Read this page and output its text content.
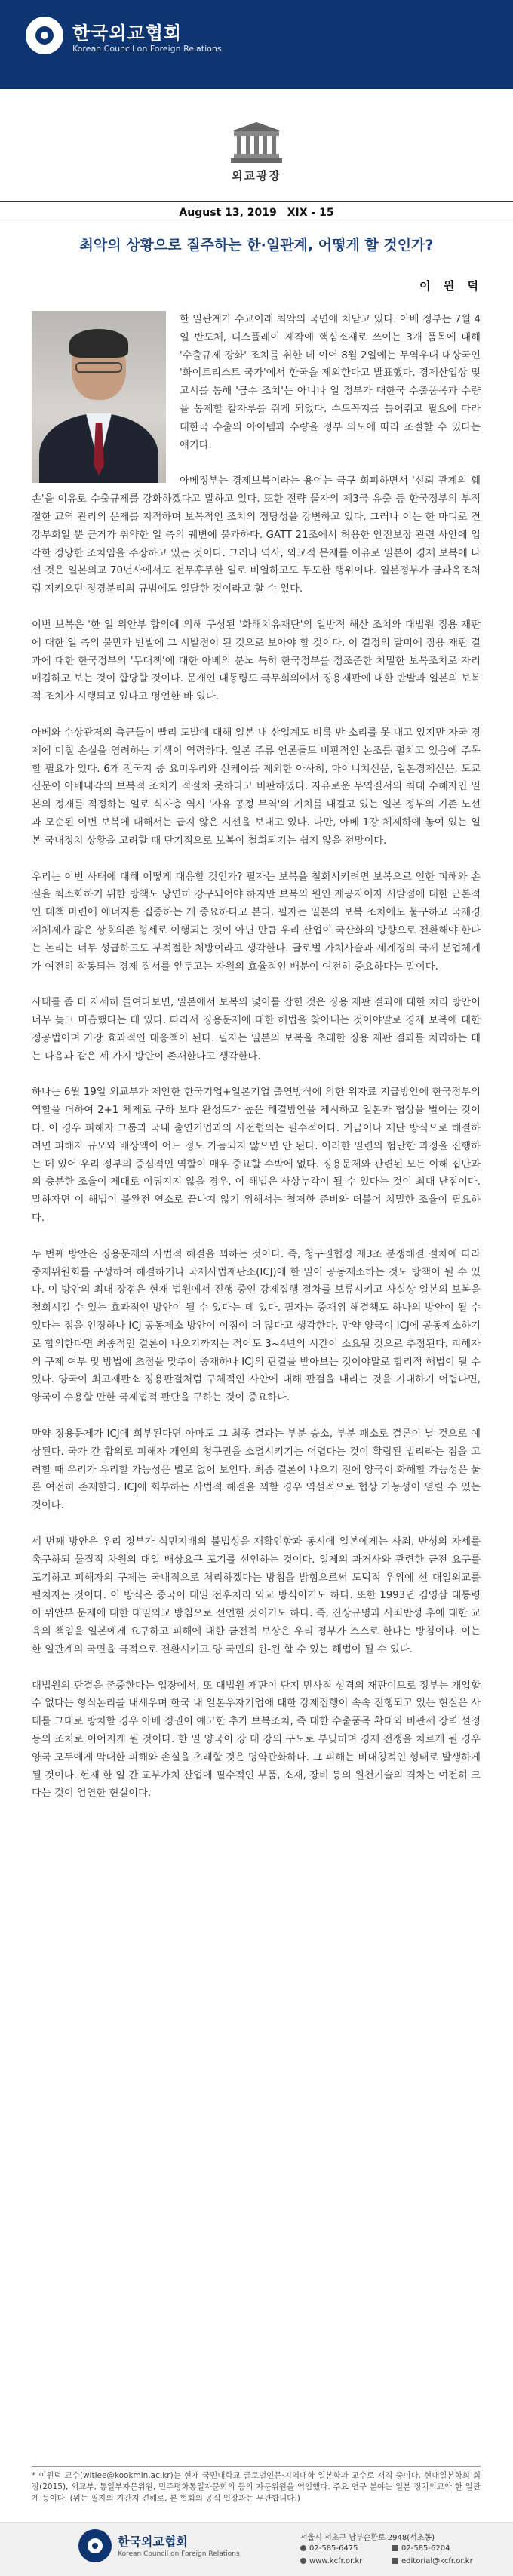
한국외교협회
Korean Council on Foreign Relations
외교광장
August 13, 2019 XIX - 15
최악의 상황으로 질주하는 한·일관계, 어떻게 할 것인가?
이 원 덕

한 일관계가 수교이래 최악의 국면에 치닫고 있다. 아베 정부는 7월 4일 반도체, 디스플레이 제작에 핵심소재로 쓰이는 3개 품목에 대해 '수출규제 강화' 조치를 취한 데 이어 8월 2일에는 무역우대 대상국인 '화이트리스트 국가'에서 한국을 제외한다고 발표했다. 경제산업상 및 고시를 통해 '금수 조치'는 아니나 일 정부가 대한국 수출품목과 수량을 통제할 칼자루를 쥐게 되었다. 수도꼭지를 틀어쥐고 필요에 따라 대한국 수출의 아이템과 수량을 정부 의도에 따라 조절할 수 있다는 얘기다.

아베정부는 경제보복이라는 용어는 극구 회피하면서 '신뢰 관계의 훼손'을 이유로 수출규제를 강화하겠다고 말하고 있다. 또한 전략 물자의 제3국 유출 등 한국정부의 부적절한 교역 관리의 문제를 지적하며 보복적인 조치의 정당성을 강변하고 있다. 그러나 이는 한 마디로 견강부회일 뿐 근거가 취약한 일 측의 궤변에 불과하다. GATT 21조에서 허용한 안전보장 관련 사안에 입각한 정당한 조치임을 주장하고 있는 것이다. 그러나 역사, 외교적 문제를 이유로 일본이 경제 보복에 나선 것은 일본외교 70년사에서도 전무후무한 일로 비열하고도 무도한 행위이다. 일본정부가 금과옥조처럼 지켜오던 정경분리의 규범에도 일탈한 것이라고 할 수 있다.

이번 보복은 '한 일 위안부 합의에 의해 구성된 '화해치유재단'의 일방적 해산 조치와 대법원 징용 재판에 대한 일 측의 불만과 반발에 그 시발점이 된 것으로 보아야 할 것이다. 이 결정의 말미에 징용 재판 결과에 대한 한국정부의 '무대책'에 대한 아베의 분노 특히 한국정부를 정조준한 치밀한 보복조치로 자리매김하고 보는 것이 합당할 것이다. 문재인 대통령도 국무회의에서 징용재판에 대한 반발과 일본의 보복적 조치가 시행되고 있다고 명언한 바 있다.

아베와 수상관저의 측근들이 빨리 도발에 대해 일본 내 산업계도 비록 반 소리를 못 내고 있지만 자국 경제에 미칠 손실을 염려하는 기색이 역력하다. 일본 주류 언론들도 비판적인 논조를 펼치고 있음에 주목할 필요가 있다. 6개 전국지 중 요미우리와 산케이를 제외한 아사히, 마이니치신문, 일본경제신문, 도쿄신문이 아베내각의 보복적 조치가 적절치 못하다고 비판하였다. 자유로운 무역질서의 최대 수혜자인 일본의 정재를 적정하는 일로 식자층 역시 '자유 공정 무역'의 기치를 내걸고 있는 일본 정부의 기존 노선과 모순된 이번 보복에 대해서는 급지 않은 시선을 보내고 있다. 다만, 아베 1강 체제하에 놓여 있는 일본 국내정치 상황을 고려할 때 단기적으로 보복이 철회되기는 쉽지 않을 전망이다.

우리는 이번 사태에 대해 어떻게 대응할 것인가? 필자는 보복을 철회시키려면 보복으로 인한 피해와 손실을 최소화하기 위한 방책도 당연히 강구되어야 하지만 보복의 원인 제공자이자 시발점에 대한 근본적인 대책 마련에 에너지를 집중하는 게 중요하다고 본다. 필자는 일본의 보복 조치에도 불구하고 국제경제체제가 많은 상호의존 형세로 이행되는 것이 아닌 만큼 우리 산업이 국산화의 방향으로 전환해야 한다는 논리는 너무 성급하고도 부적절한 처방이라고 생각한다. 글로벌 가치사슬과 세계경의 국제 분업체계가 여전히 작동되는 경제 질서를 앞두고는 자원의 효율적인 배분이 여전히 중요하다는 말이다.

사태를 좀 더 자세히 들여다보면, 일본에서 보복의 덫이를 잡힌 것은 징용 재판 결과에 대한 처리 방안이 너무 늦고 미흡했다는 데 있다. 따라서 징용문제에 대한 해법을 찾아내는 것이야말로 경제 보복에 대한 정공법이며 가장 효과적인 대응책이 된다. 필자는 일본의 보복을 초래한 징용 재판 결과를 처리하는 데는 다음과 같은 세 가지 방안이 존재한다고 생각한다.

하나는 6월 19일 외교부가 제안한 한국기업+일본기업 출연방식에 의한 위자료 지급방안에 한국정부의 역할을 더하여 2+1 체제로 구하 보다 완성도가 높은 해결방안을 제시하고 일본과 협상을 벌이는 것이다. 이 경우 피해자 그룹과 국내 출연기업과의 사전협의는 필수적이다. 기금이나 재단 방식으로 해결하려면 피해자 규모와 배상액이 어느 정도 가늠되지 않으면 안 된다. 이러한 일련의 험난한 과정을 진행하는 데 있어 우리 정부의 중심적인 역할이 매우 중요할 수밖에 없다. 징용문제와 관련된 모든 이해 집단과의 충분한 조율이 제대로 이뤄지지 않을 경우, 이 해법은 사상누각이 될 수 있다는 것이 최대 난점이다. 말하자면 이 해법이 불완전 연소로 끝나지 않기 위해서는 철저한 준비와 더불어 치밀한 조율이 필요하다.

두 번째 방안은 징용문제의 사법적 해결을 꾀하는 것이다. 즉, 청구권협정 제3조 분쟁해결 절차에 따라 중재위원회를 구성하여 해결하거나 국제사법재판소(ICJ)에 한 일이 공동제소하는 것도 방책이 될 수 있다. 이 방안의 최대 장점은 현재 법원에서 진행 중인 강제집행 절차를 보류시키고 사실상 일본의 보복을 철회시킬 수 있는 효과적인 방안이 될 수 있다는 데 있다. 필자는 중재위 해결책도 하나의 방안이 될 수 있다는 점을 인정하나 ICJ 공동제소 방안이 이점이 더 많다고 생각한다. 만약 양국이 ICJ에 공동제소하기로 합의한다면 최종적인 결론이 나오기까지는 적어도 3~4년의 시간이 소요될 것으로 추정된다. 피해자의 구제 여부 및 방법에 초점을 맞추어 중재하나 ICJ의 판결을 받아보는 것이야말로 합리적 해법이 될 수 있다. 양국이 최고재판소 징용판결처럼 구체적인 사안에 대해 판결을 내리는 것을 기대하기 어렵다면, 양국이 수용할 만한 국제법적 판단을 구하는 것이 중요하다.

만약 징용문제가 ICJ에 회부된다면 아마도 그 최종 결과는 부분 승소, 부분 패소로 결론이 날 것으로 예상된다. 국가 간 합의로 피해자 개인의 청구권을 소멸시키기는 어렵다는 것이 확립된 법리라는 점을 고려할 때 우리가 유리할 가능성은 별로 없어 보인다. 최종 결론이 나오기 전에 양국이 화해할 가능성은 물론 여전히 존재한다. ICJ에 회부하는 사법적 해결을 꾀할 경우 역설적으로 협상 가능성이 열릴 수 있는 것이다.

세 번째 방안은 우리 정부가 식민지배의 불법성을 재확인함과 동시에 일본에게는 사죄, 반성의 자세를 촉구하되 물질적 차원의 대일 배상요구 포기를 선언하는 것이다. 일제의 과거사와 관련한 금전 요구를 포기하고 피해자의 구제는 국내적으로 처리하겠다는 방침을 밝힘으로써 도덕적 우위에 선 대일외교를 펼치자는 것이다. 이 방식은 중국이 대일 전후처리 외교 방식이기도 하다. 또한 1993년 김영삼 대통령이 위안부 문제에 대한 대일외교 방침으로 선언한 것이기도 하다. 즉, 진상규명과 사죄반성 후에 대한 교육의 책임을 일본에게 요구하고 피해에 대한 금전적 보상은 우리 정부가 스스로 한다는 방침이다. 이는 한 일관계의 국면을 극적으로 전환시키고 양 국민의 윈-윈 할 수 있는 해법이 될 수 있다.

대법원의 판결을 존중한다는 입장에서, 또 대법원 재판이 단지 민사적 성격의 재판이므로 정부는 개입할 수 없다는 형식논리를 내세우며 한국 내 일본우자기업에 대한 강제집행이 속속 진행되고 있는 현실은 사태를 그대로 방치할 경우 아베 정권이 예고한 추가 보복조치, 즉 대한 수출품목 확대와 비관세 장벽 설정 등의 조치로 이어지게 될 것이다. 한 일 양국이 강 대 강의 구도로 부딪히며 경제 전쟁을 치르게 될 경우 양국 모두에게 막대한 피해와 손실을 초래할 것은 명약관화하다. 그 피해는 비대칭적인 형태로 발생하게 될 것이다. 현재 한 일 간 교부가치 산업에 필수적인 부품, 소재, 장비 등의 원천기술의 격차는 여전히 크다는 것이 엄연한 현실이다.

* 이원덕 교수(witlee@kookmin.ac.kr)는 현재 국민대학교 글로벌인문·지역대학 일본학과 교수로 재직 중이다. 현대일본학회 회장(2015), 외교부, 통일부자문위원, 민주평화통일자문회의 등의 자문위원을 역임했다. 주요 연구 분야는 일본 정치외교와 한 일관계 등이다. (위는 필자의 기간지 견해로, 본 협회의 공식 입장과는 무관합니다.)
한국외교협회
Korean Council on Foreign Relations
서울시 서초구 남부순환로 2948(서초동)
02-585-6475	02-585-6204
www.kcfr.or.kr	editorial@kcfr.or.kr
